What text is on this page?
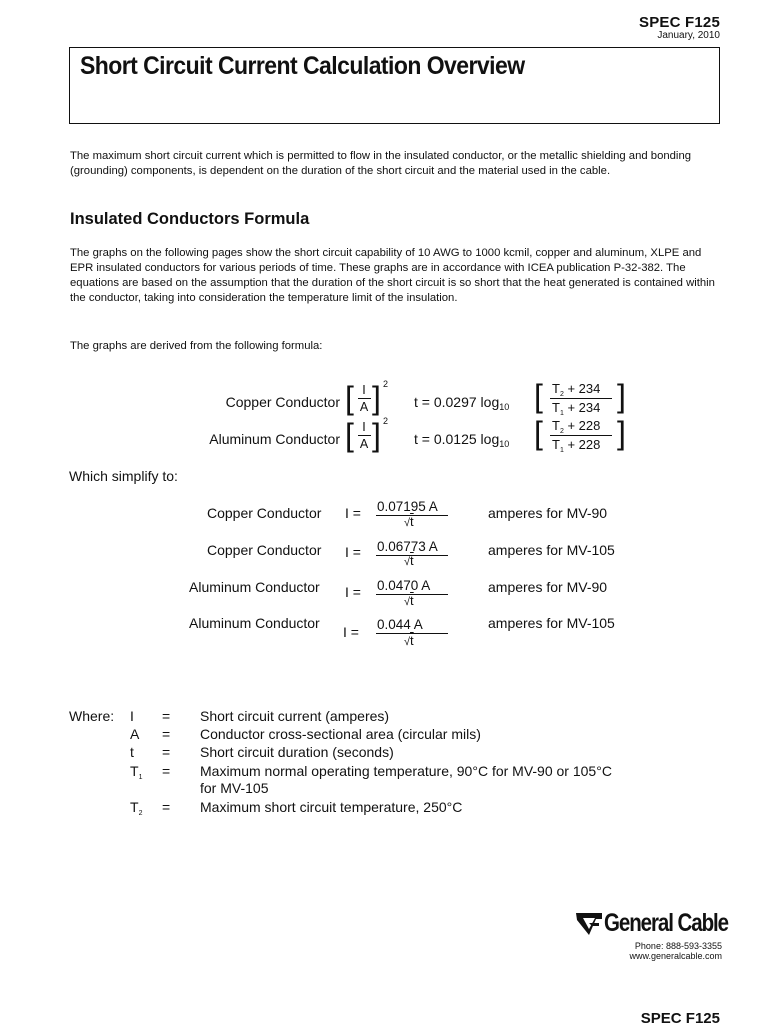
SPEC F125
January, 2010
Short Circuit Current Calculation Overview
The maximum short circuit current which is permitted to flow in the insulated conductor, or the metallic shielding and bonding (grounding) components, is dependent on the duration of the short circuit and the material used in the cable.
Insulated Conductors Formula
The graphs on the following pages show the short circuit capability of 10 AWG to 1000 kcmil, copper and aluminum, XLPE and EPR insulated conductors for various periods of time. These graphs are in accordance with ICEA publication P-32-382. The equations are based on the assumption that the duration of the short circuit is so short that the heat generated is contained within the conductor, taking into consideration the temperature limit of the insulation.
The graphs are derived from the following formula:
Copper Conductor [ I
A ] 2
t = 0.0297 $\log_{10}$ [ $T_2 + 234$
$T_1 + 234$ ]
Aluminum Conductor [ I
A ] 2
t = 0.0125 $\log_{10}$ [ $T_2 + 228$
$T_1 + 228$ ]
Which simplify to:
Copper Conductor I = 0.07195 A
√t
amperes for MV-90
Copper Conductor I = 0.06773 A
√t
amperes for MV-105
Aluminum Conductor I = 0.0470 A
√t
amperes for MV-90
Aluminum Conductor
I = 0.044 A
√t
amperes for MV-105
Where: I = Short circuit current (amperes)
A = Conductor cross-sectional area (circular mils)
t = Short circuit duration (seconds)
$T_1$ = Maximum normal operating temperature, 90°C for MV-90 or 105°C
for MV-105
$T_2$ = Maximum short circuit temperature, 250°C
General Cable
Phone: 888-593-3355
www.generalcable.com
SPEC F125
